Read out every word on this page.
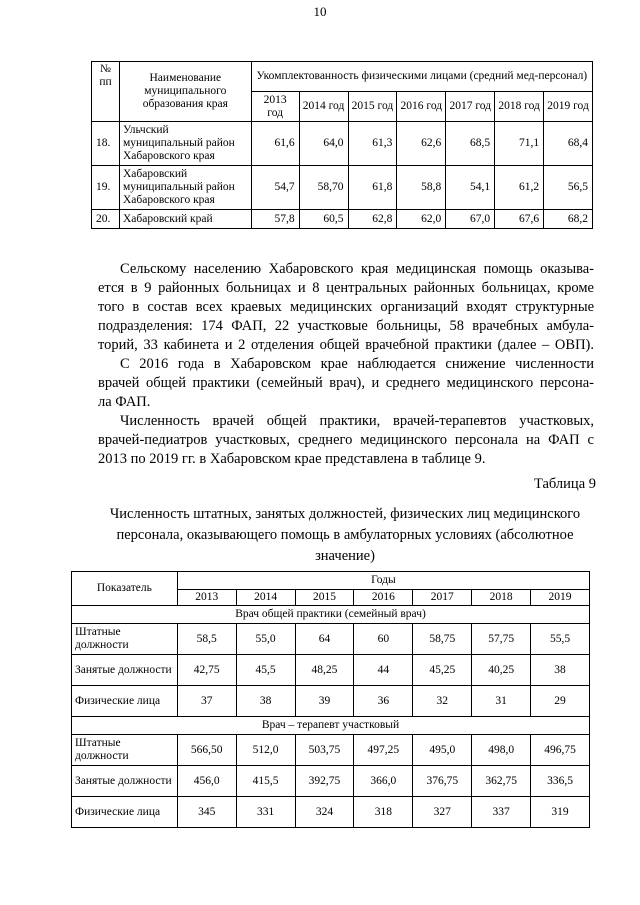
10
№ пп	Наименование муниципального образования края	Укомплектованность физическими лицами (средний мед-персонал)						
		2013 год	2014 год	2015 год	2016 год	2017 год	2018 год	2019 год
18.	Ульчский муниципальный район Хабаровского края	61,6	64,0	61,3	62,6	68,5	71,1	68,4
19.	Хабаровский муниципальный район Хабаровского края	54,7	58,70	61,8	58,8	54,1	61,2	56,5
20.	Хабаровский край	57,8	60,5	62,8	62,0	67,0	67,6	68,2
Сельскому населению Хабаровского края медицинская помощь оказыва-
ется в 9 районных больницах и 8 центральных районных больницах, кроме
того в состав всех краевых медицинских организаций входят структурные
подразделения: 174 ФАП, 22 участковые больницы, 58 врачебных амбула-
торий, 33 кабинета и 2 отделения общей врачебной практики (далее – ОВП).
С 2016 года в Хабаровском крае наблюдается снижение численности
врачей общей практики (семейный врач), и среднего медицинского персона-
ла ФАП.
Численность врачей общей практики, врачей-терапевтов участковых,
врачей-педиатров участковых, среднего медицинского персонала на ФАП с
2013 по 2019 гг. в Хабаровском крае представлена в таблице 9.
Таблица 9
Численность штатных, занятых должностей, физических лиц медицинского
персонала, оказывающего помощь в амбулаторных условиях (абсолютное
значение)
Показатель	Годы						
	2013	2014	2015	2016	2017	2018	2019
Врач общей практики (семейный врач)							
Штатные должности	58,5	55,0	64	60	58,75	57,75	55,5
Занятые должности	42,75	45,5	48,25	44	45,25	40,25	38
Физические лица	37	38	39	36	32	31	29
Врач – терапевт участковый							
Штатные должности	566,50	512,0	503,75	497,25	495,0	498,0	496,75
Занятые должности	456,0	415,5	392,75	366,0	376,75	362,75	336,5
Физические лица	345	331	324	318	327	337	319
